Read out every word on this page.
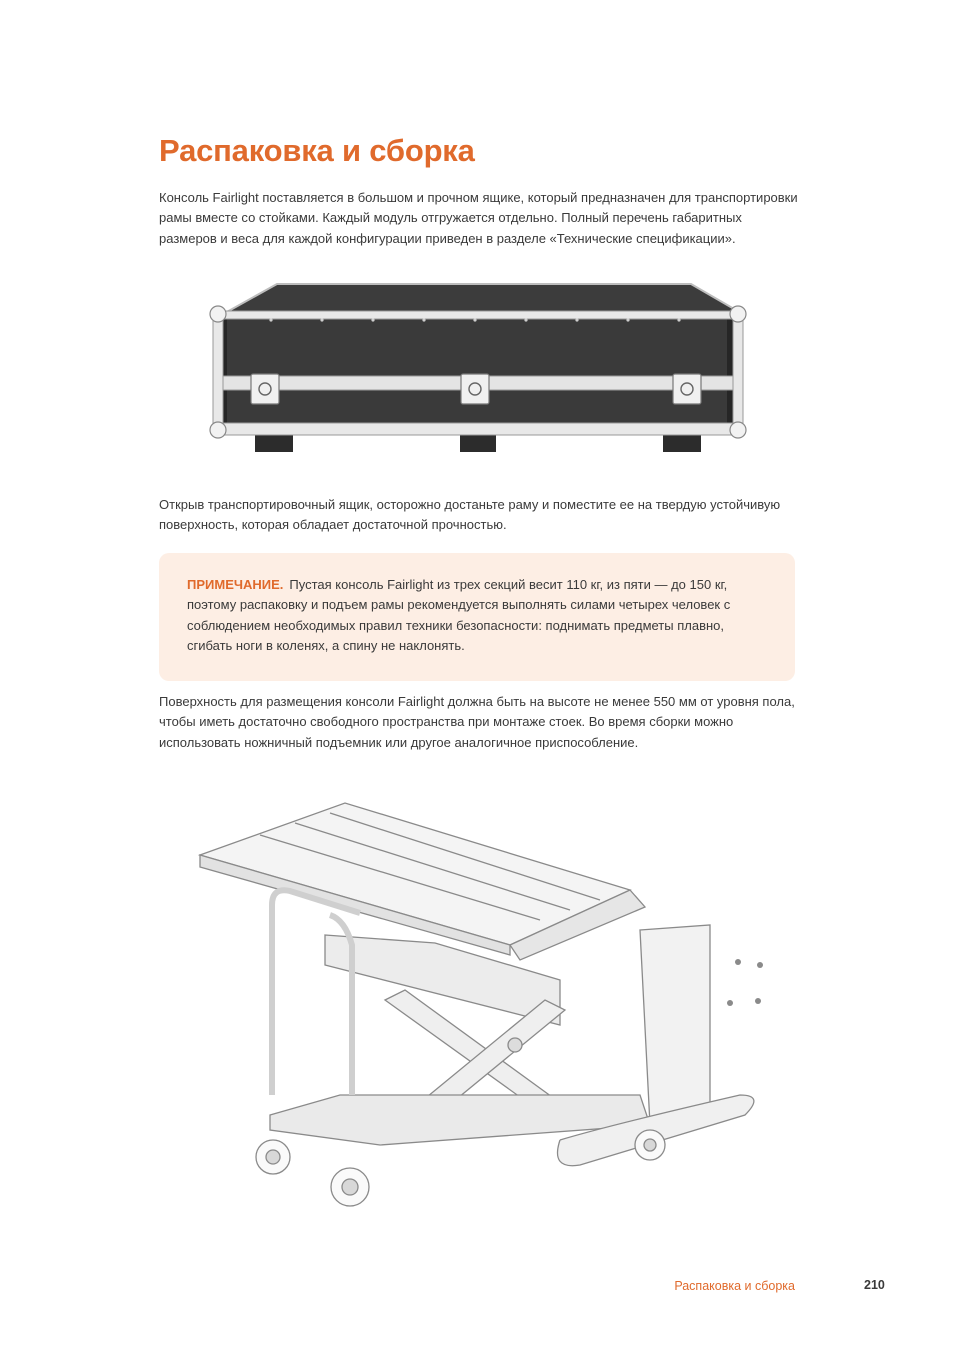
Распаковка и сборка

Консоль Fairlight поставляется в большом и прочном ящике, который предназначен для транспортировки рамы вместе со стойками. Каждый модуль отгружается отдельно. Полный перечень габаритных размеров и веса для каждой конфигурации приведен в разделе «Технические спецификации».

Открыв транспортировочный ящик, осторожно достаньте раму и поместите ее на твердую устойчивую поверхность, которая обладает достаточной прочностью.

ПРИМЕЧАНИЕ. Пустая консоль Fairlight из трех секций весит 110 кг, из пяти — до 150 кг, поэтому распаковку и подъем рамы рекомендуется выполнять силами четырех человек с соблюдением необходимых правил техники безопасности: поднимать предметы плавно, сгибать ноги в коленях, а спину не наклонять.

Поверхность для размещения консоли Fairlight должна быть на высоте не менее 550 мм от уровня пола, чтобы иметь достаточно свободного пространства при монтаже стоек. Во время сборки можно использовать ножничный подъемник или другое аналогичное приспособление.

Распаковка и сборка	210
